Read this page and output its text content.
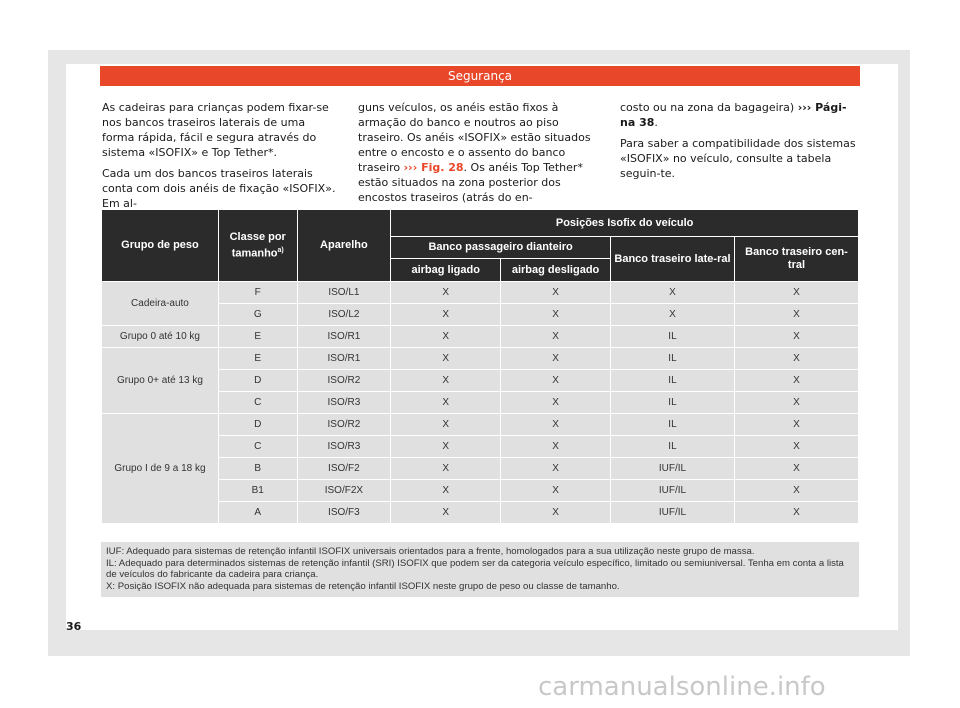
Segurança

As cadeiras para crianças podem fixar-se nos bancos traseiros laterais de uma forma rápida, fácil e segura através do sistema «ISOFIX» e Top Tether*.

Cada um dos bancos traseiros laterais conta com dois anéis de fixação «ISOFIX». Em al-

guns veículos, os anéis estão fixos à armação do banco e noutros ao piso traseiro. Os anéis «ISOFIX» estão situados entre o encosto e o assento do banco traseiro ››› Fig. 28. Os anéis Top Tether* estão situados na zona posterior dos encostos traseiros (atrás do en-

costo ou na zona da bagageira) ››› Pági-na 38.

Para saber a compatibilidade dos sistemas «ISOFIX» no veículo, consulte a tabela seguin-te.

Grupo de peso	Classe por tamanho$^{a)}$	Aparelho	Posições Isofix do veículo			
			Banco passageiro dianteiro		Banco traseiro late-ral	Banco traseiro cen-tral
			airbag ligado	airbag desligado		
Cadeira-auto	F	ISO/L1	X	X	X	X
	G	ISO/L2	X	X	X	X
Grupo 0 até 10 kg	E	ISO/R1	X	X	IL	X
Grupo 0+ até 13 kg	E	ISO/R1	X	X	IL	X
	D	ISO/R2	X	X	IL	X
	C	ISO/R3	X	X	IL	X
Grupo I de 9 a 18 kg	D	ISO/R2	X	X	IL	X
	C	ISO/R3	X	X	IL	X
	B	ISO/F2	X	X	IUF/IL	X
	B1	ISO/F2X	X	X	IUF/IL	X
	A	ISO/F3	X	X	IUF/IL	X
IUF: Adequado para sistemas de retenção infantil ISOFIX universais orientados para a frente, homologados para a sua utilização neste grupo de massa.
IL: Adequado para determinados sistemas de retenção infantil (SRI) ISOFIX que podem ser da categoria veículo específico, limitado ou semiuniversal. Tenha em conta a lista de veículos do fabricante da cadeira para criança.
X: Posição ISOFIX não adequada para sistemas de retenção infantil ISOFIX neste grupo de peso ou classe de tamanho.
36
carmanualsonline.info
